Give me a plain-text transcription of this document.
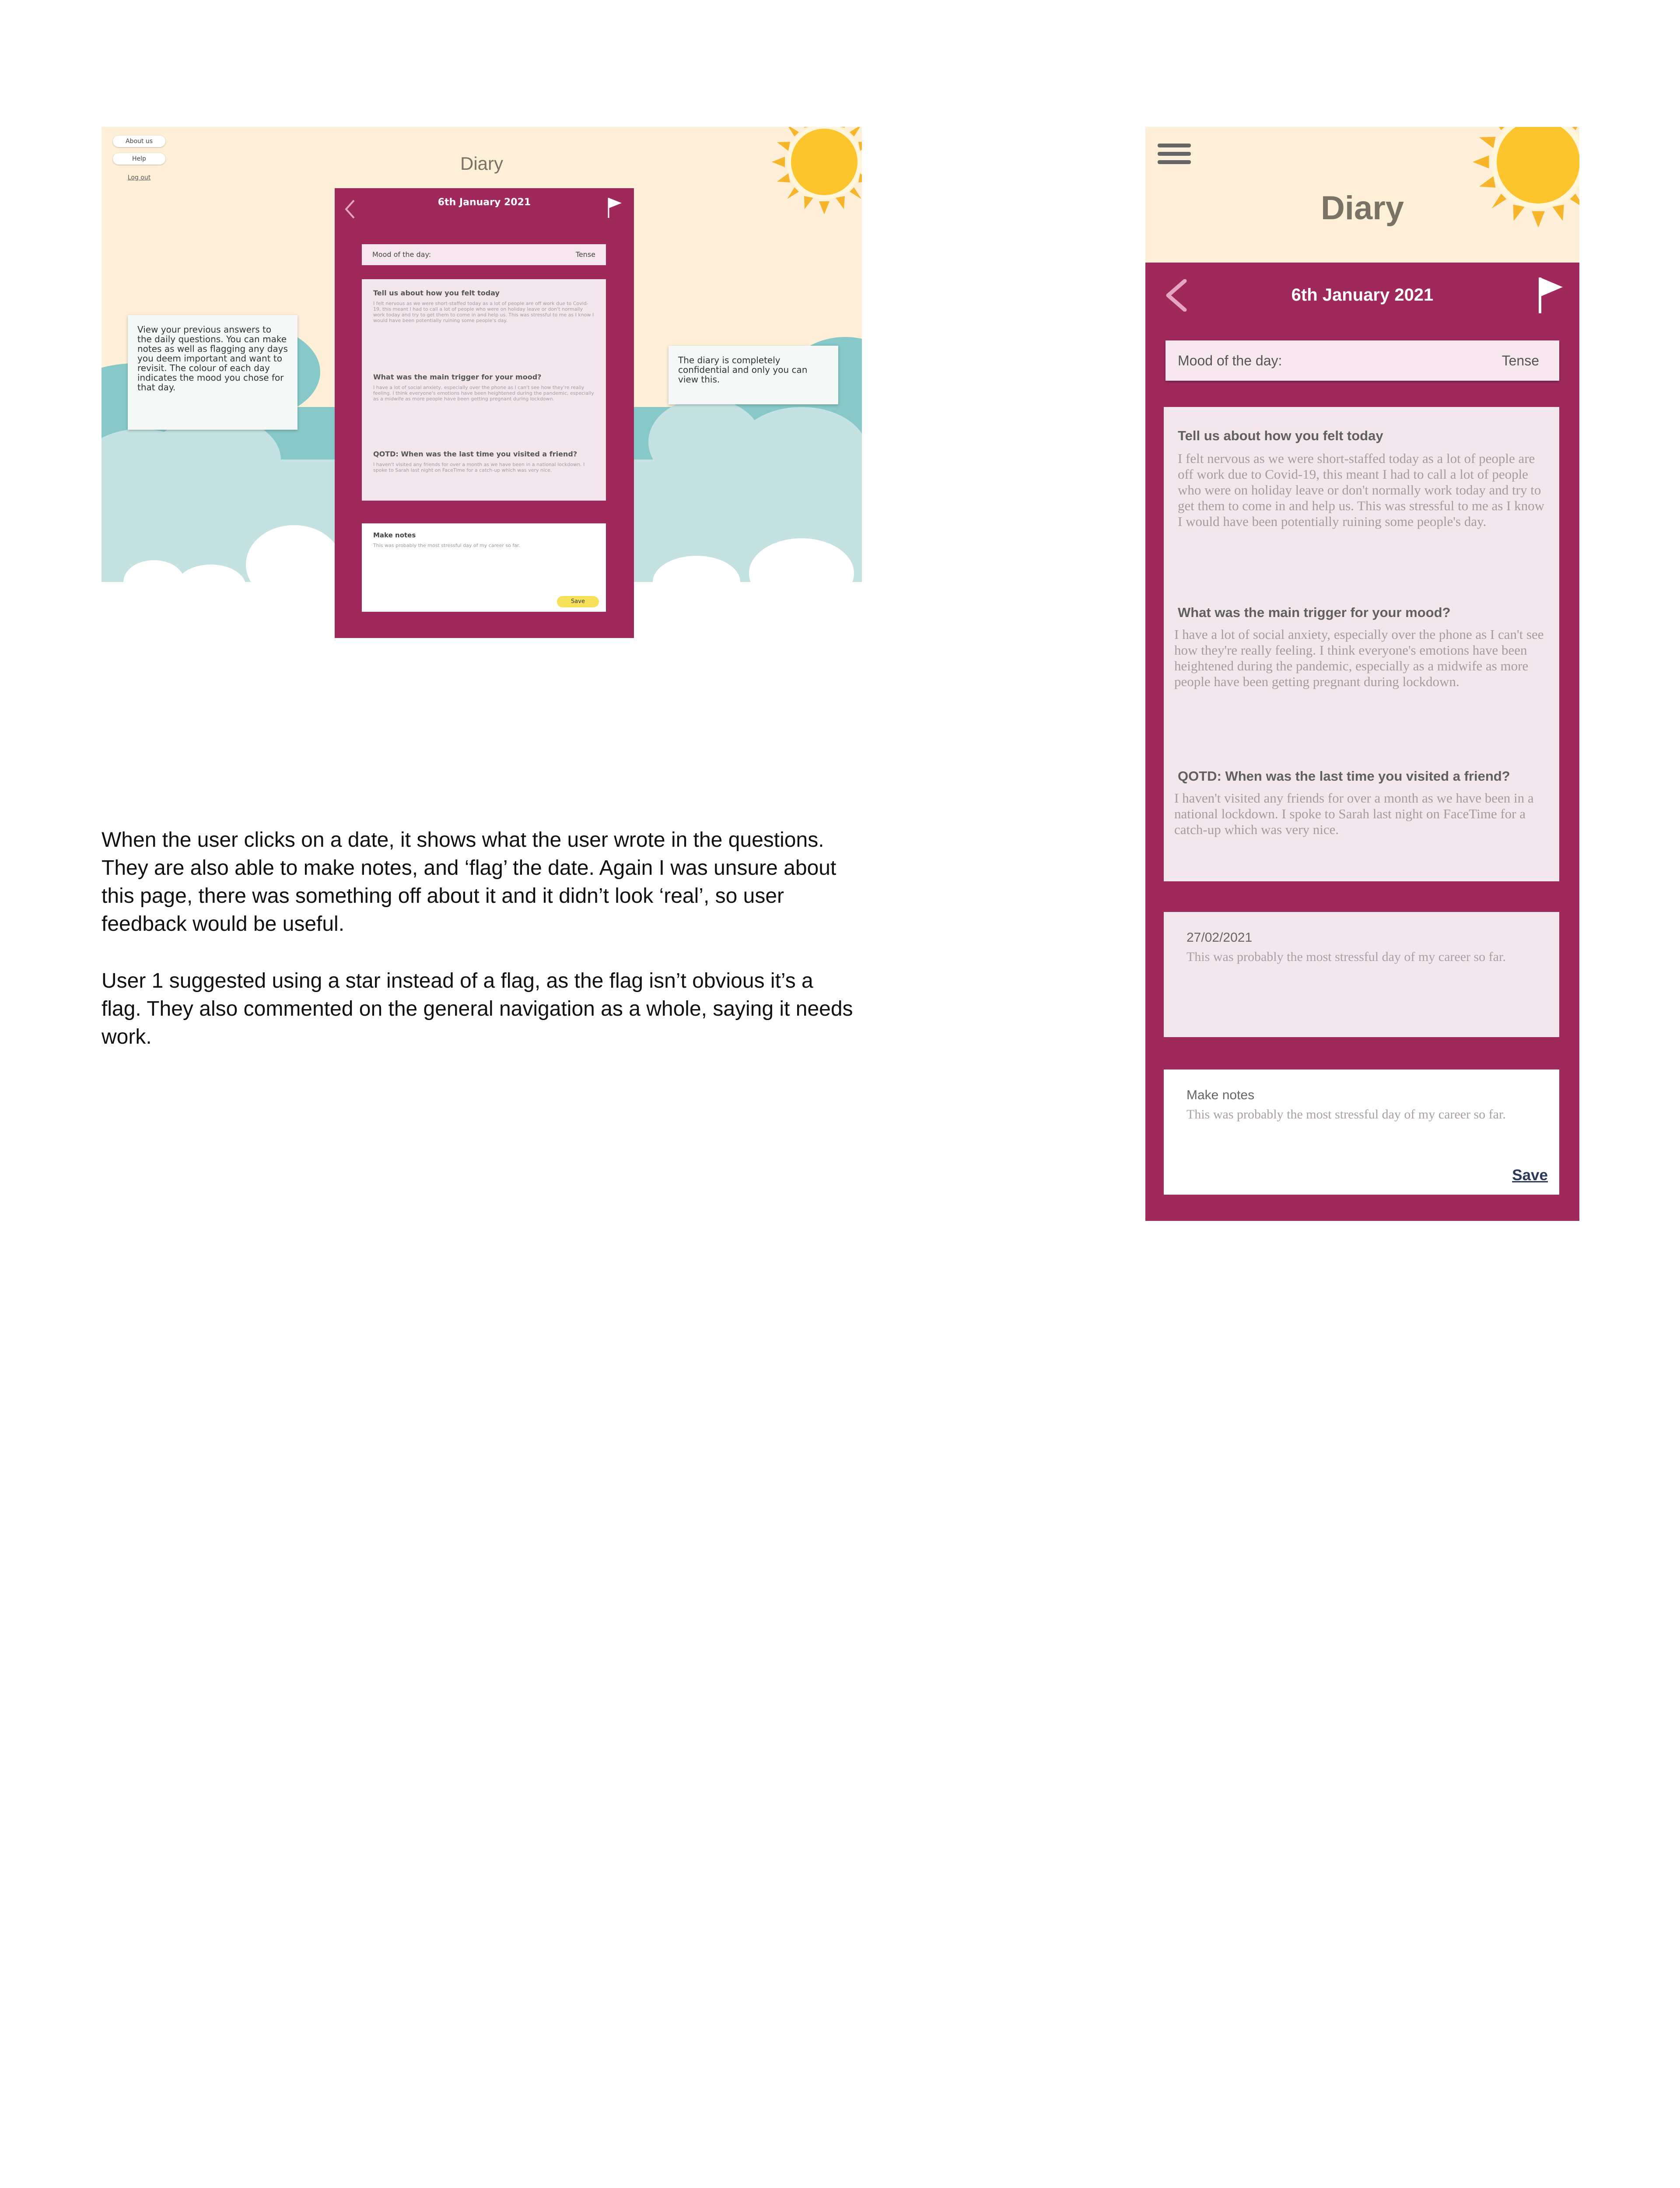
About us
Help
Log out
Diary
View your previous answers to the daily questions. You can make notes as well as flagging any days you deem important and want to revisit. The colour of each day indicates the mood you chose for that day.
The diary is completely confidential and only you can view this.
6th January 2021
Mood of the day:	Tense
Tell us about how you felt today
I felt nervous as we were short-staffed today as a lot of people are off work due to Covid-19, this meant I had to call a lot of people who were on holiday leave or don't normally work today and try to get them to come in and help us. This was stressful to me as I know I would have been potentially ruining some people's day.
What was the main trigger for your mood?
I have a lot of social anxiety, especially over the phone as I can't see how they're really feeling. I think everyone's emotions have been heightened during the pandemic, especially as a midwife as more people have been getting pregnant during lockdown.
QOTD: When was the last time you visited a friend?
I haven't visited any friends for over a month as we have been in a national lockdown. I spoke to Sarah last night on FaceTime for a catch-up which was very nice.
Make notes
This was probably the most stressful day of my career so far.
Save
When the user clicks on a date, it shows what the user wrote in the questions. They are also able to make notes, and ‘flag’ the date. Again I was unsure about this page, there was something off about it and it didn’t look ‘real’, so user feedback would be useful.
User 1 suggested using a star instead of a flag, as the flag isn’t obvious it’s a flag. They also commented on the general navigation as a whole, saying it needs work.
Diary
6th January 2021
Mood of the day:	Tense
Tell us about how you felt today
I felt nervous as we were short-staffed today as a lot of people are off work due to Covid-19, this meant I had to call a lot of people who were on holiday leave or don't normally work today and try to get them to come in and help us. This was stressful to me as I know I would have been potentially ruining some people's day.
What was the main trigger for your mood?
I have a lot of social anxiety, especially over the phone as I can't see how they're really feeling. I think everyone's emotions have been heightened during the pandemic, especially as a midwife as more people have been getting pregnant during lockdown.
QOTD: When was the last time you visited a friend?
I haven't visited any friends for over a month as we have been in a national lockdown. I spoke to Sarah last night on FaceTime for a catch-up which was very nice.
27/02/2021
This was probably the most stressful day of my career so far.
Make notes
This was probably the most stressful day of my career so far.
Save
